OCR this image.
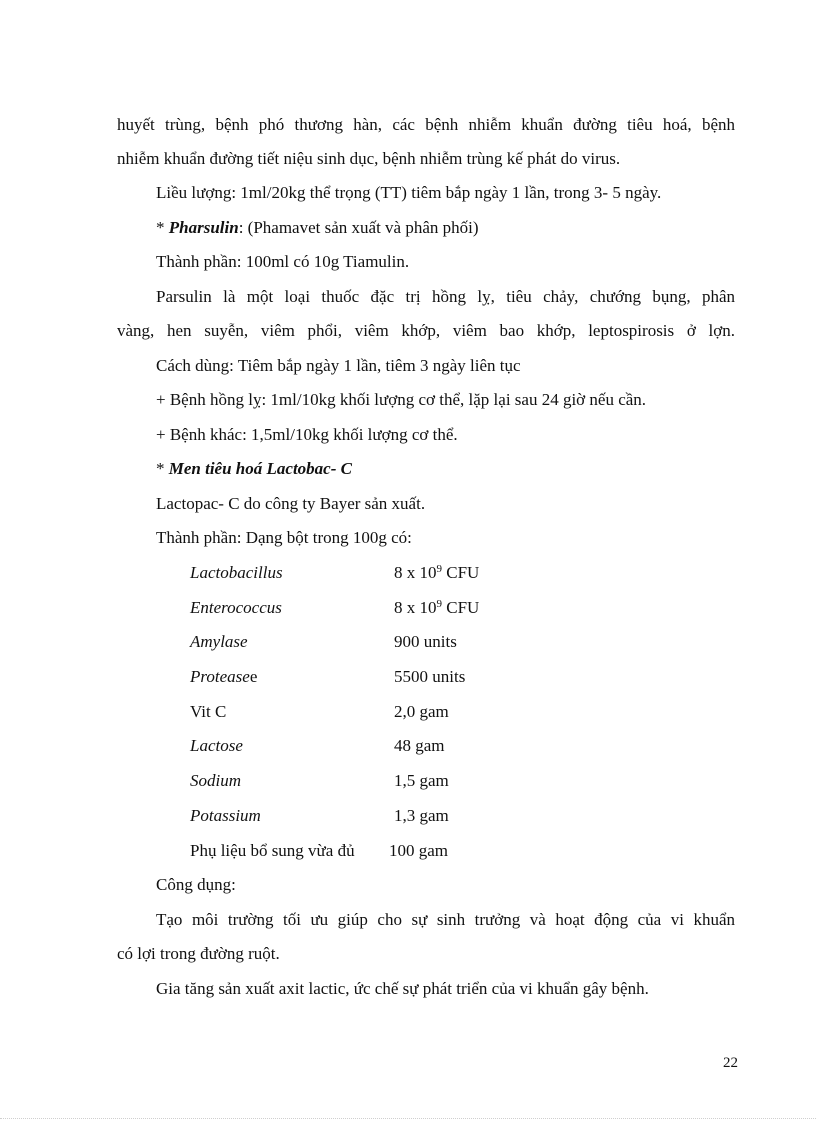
huyết trùng, bệnh phó thương hàn, các bệnh nhiễm khuẩn đường tiêu hoá, bệnh
nhiễm khuẩn đường tiết niệu sinh dục, bệnh nhiễm trùng kế phát do virus.
Liều lượng: 1ml/20kg thể trọng (TT) tiêm bắp ngày 1 lần, trong 3- 5 ngày.
* Pharsulin: (Phamavet sản xuất và phân phối)
Thành phần: 100ml có 10g Tiamulin.
Parsulin là một loại thuốc đặc trị hồng lỵ, tiêu chảy, chướng bụng, phân
vàng, hen suyễn, viêm phổi, viêm khớp, viêm bao khớp, leptospirosis ở lợn.
Cách dùng: Tiêm bắp ngày 1 lần, tiêm 3 ngày liên tục
+ Bệnh hồng lỵ: 1ml/10kg khối lượng cơ thể, lặp lại sau 24 giờ nếu cần.
+ Bệnh khác: 1,5ml/10kg khối lượng cơ thể.
* Men tiêu hoá Lactobac- C
Lactopac- C do công ty Bayer sản xuất.
Thành phần: Dạng bột trong 100g có:
Lactobacillus	8 x $10^9$ CFU
Enterococcus	8 x $10^9$ CFU
Amylase	900 units
Proteasee	5500 units
Vit C	2,0 gam
Lactose	48 gam
Sodium	1,5 gam
Potassium	1,3 gam
Phụ liệu bổ sung vừa đủ 100 gam
Công dụng:
Tạo môi trường tối ưu giúp cho sự sinh trưởng và hoạt động của vi khuẩn
có lợi trong đường ruột.
Gia tăng sản xuất axit lactic, ức chế sự phát triển của vi khuẩn gây bệnh.
22
